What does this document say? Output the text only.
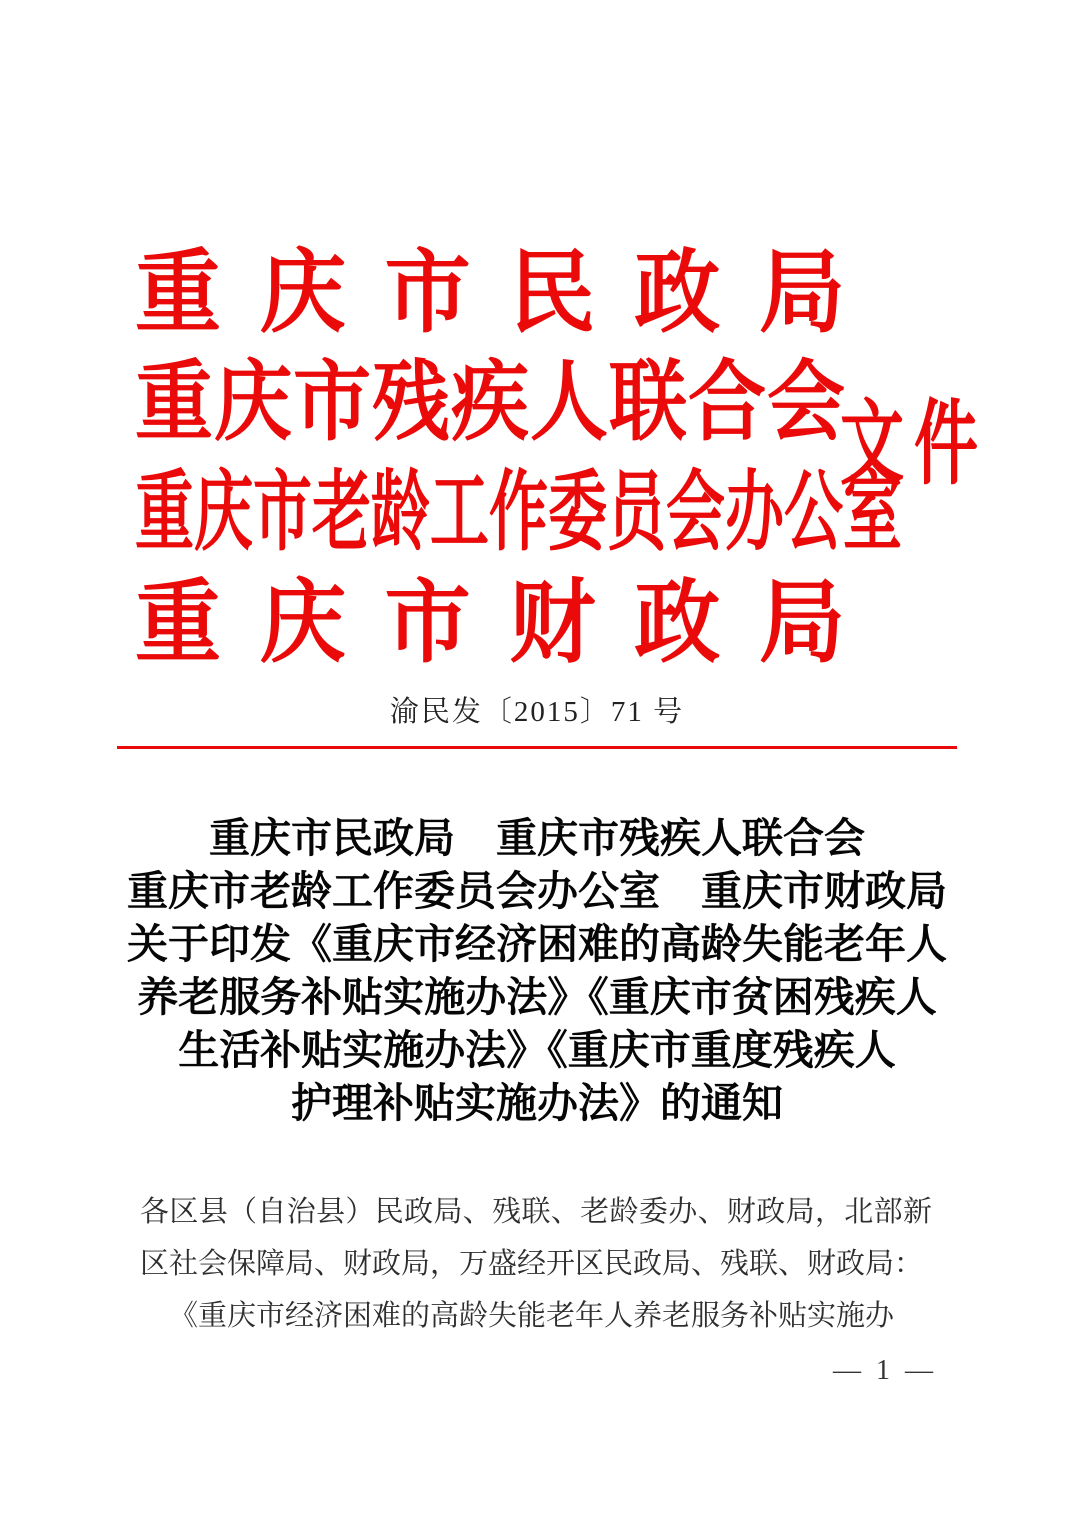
重庆市民政局
重庆市残疾人联合会
重庆市老龄工作委员会办公室
重庆市财政局
文件
渝民发〔2015〕71 号
重庆市民政局　重庆市残疾人联合会
重庆市老龄工作委员会办公室　重庆市财政局
关于印发《重庆市经济困难的高龄失能老年人
养老服务补贴实施办法》《重庆市贫困残疾人
生活补贴实施办法》《重庆市重度残疾人
护理补贴实施办法》的通知
各区县（自治县）民政局、残联、老龄委办、财政局，北部新
区社会保障局、财政局，万盛经开区民政局、残联、财政局：
《重庆市经济困难的高龄失能老年人养老服务补贴实施办
— 1 —
